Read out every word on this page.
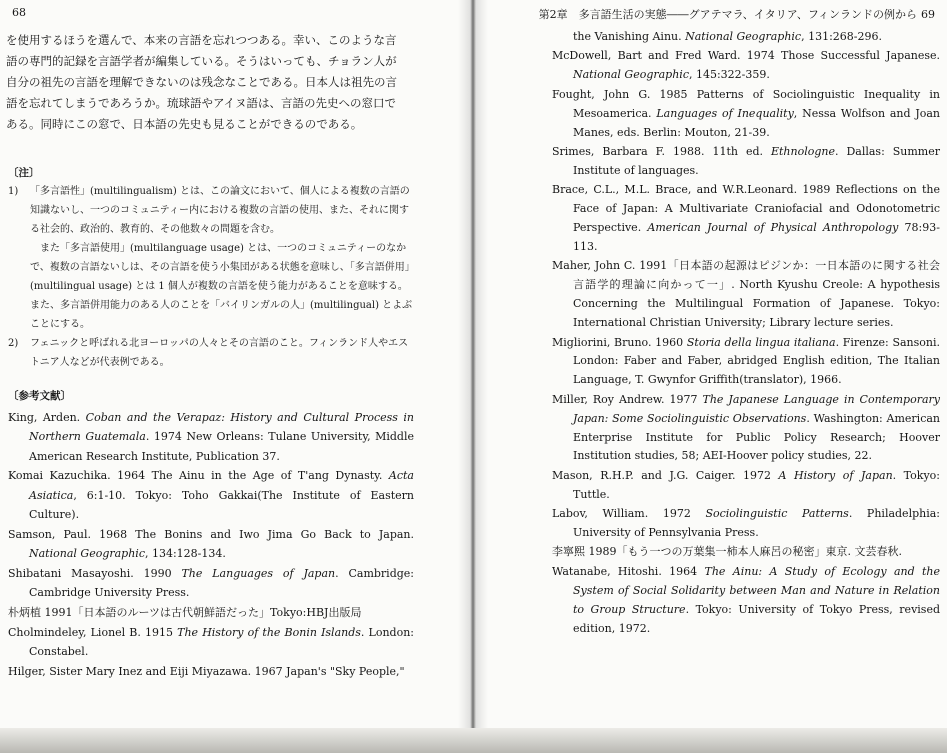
68

を使用するほうを選んで、本来の言語を忘れつつある。幸い、このような言

語の専門的記録を言語学者が編集している。そうはいっても、チョラン人が

自分の祖先の言語を理解できないのは残念なことである。日本人は祖先の言

語を忘れてしまうであろうか。琉球語やアイヌ語は、言語の先史への窓口で

ある。同時にこの窓で、日本語の先史も見ることができるのである。

〔注〕
1) 「多言語性」(multilingualism) とは、この論文において、個人による複数の言語の知識ないし、一つのコミュニティー内における複数の言語の使用、また、それに関する社会的、政治的、教育的、その他数々の問題を含む。

また「多言語使用」(multilanguage usage) とは、一つのコミュニティーのなかで、複数の言語ないしは、その言語を使う小集団がある状態を意味し、「多言語併用」(multilingual usage) とは 1 個人が複数の言語を使う能力があることを意味する。また、多言語併用能力のある人のことを「バイリンガルの人」(multilingual) とよぶことにする。

2) フェニックと呼ばれる北ヨーロッパの人々とその言語のこと。フィンランド人やエストニア人などが代表例である。

〔参考文献〕

King, Arden. Coban and the Verapaz: History and Cultural Process in Northern Guatemala. 1974 New Orleans: Tulane University, Middle American Research Institute, Publication 37.

Komai Kazuchika. 1964 The Ainu in the Age of T'ang Dynasty. Acta Asiatica, 6:1-10. Tokyo: Toho Gakkai(The Institute of Eastern Culture).

Samson, Paul. 1968 The Bonins and Iwo Jima Go Back to Japan. National Geographic, 134:128-134.

Shibatani Masayoshi. 1990 The Languages of Japan. Cambridge: Cambridge University Press.

朴炳植 1991「日本語のルーツは古代朝鮮語だった」Tokyo:HBJ出版局

Cholmindeley, Lionel B. 1915 The History of the Bonin Islands. London: Constabel.

Hilger, Sister Mary Inez and Eiji Miyazawa. 1967 Japan's "Sky People,"

第2章　多言語生活の実態――グアテマラ、イタリア、フィンランドの例から 69

the Vanishing Ainu. National Geographic, 131:268-296.

McDowell, Bart and Fred Ward. 1974 Those Successful Japanese. National Geographic, 145:322-359.

Fought, John G. 1985 Patterns of Sociolinguistic Inequality in Mesoamerica. Languages of Inequality, Nessa Wolfson and Joan Manes, eds. Berlin: Mouton, 21-39.

Srimes, Barbara F. 1988. 11th ed. Ethnologne. Dallas: Summer Institute of languages.

Brace, C.L., M.L. Brace, and W.R.Leonard. 1989 Reflections on the Face of Japan: A Multivariate Craniofacial and Odonotometric Perspective. American Journal of Physical Anthropology 78:93-113.

Maher, John C. 1991「日本語の起源はピジンか：一日本語のに関する社会言語学的理論に向かって一」. North Kyushu Creole: A hypothesis Concerning the Multilingual Formation of Japanese. Tokyo: International Christian University; Library lecture series.

Migliorini, Bruno. 1960 Storia della lingua italiana. Firenze: Sansoni. London: Faber and Faber, abridged English edition, The Italian Language, T. Gwynfor Griffith(translator), 1966.

Miller, Roy Andrew. 1977 The Japanese Language in Contemporary Japan: Some Sociolinguistic Observations. Washington: American Enterprise Institute for Public Policy Research; Hoover Institution studies, 58; AEI-Hoover policy studies, 22.

Mason, R.H.P. and J.G. Caiger. 1972 A History of Japan. Tokyo: Tuttle.

Labov, William. 1972 Sociolinguistic Patterns. Philadelphia: University of Pennsylvania Press.

李寧熙 1989「もう一つの万葉集一柿本人麻呂の秘密」東京. 文芸春秋.

Watanabe, Hitoshi. 1964 The Ainu: A Study of Ecology and the System of Social Solidarity between Man and Nature in Relation to Group Structure. Tokyo: University of Tokyo Press, revised edition, 1972.
